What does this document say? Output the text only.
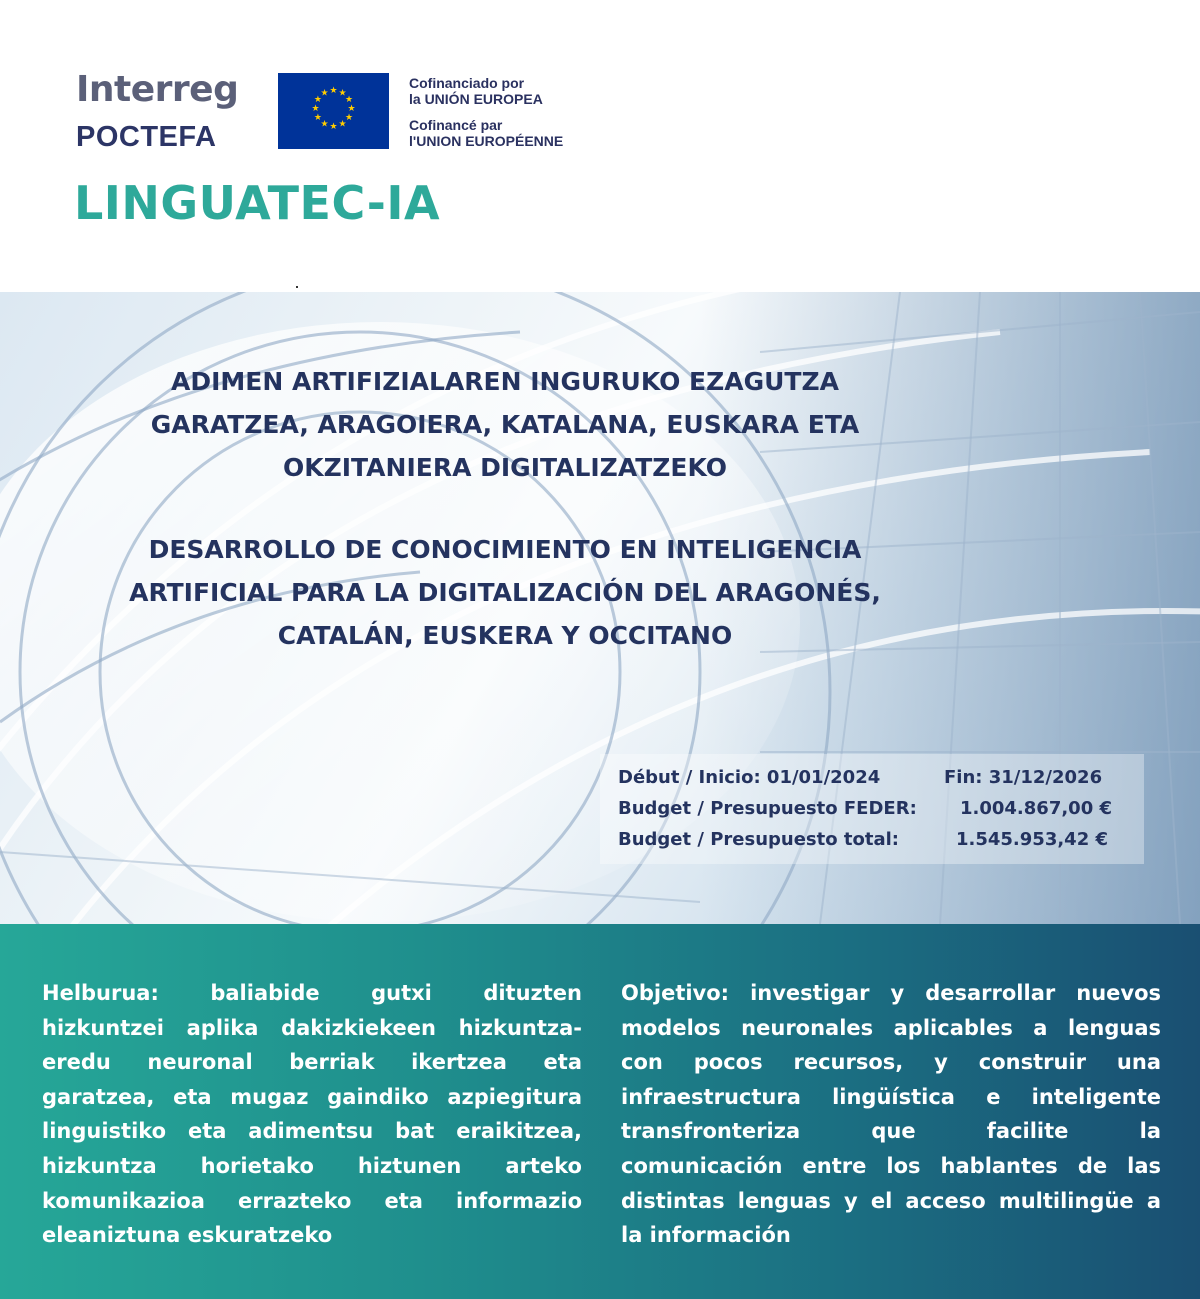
Interreg
POCTEFA
★ ★
★
★
★
★
★
★
★
★
★
★
Cofinanciado por
la UNIÓN EUROPEA
Cofinancé par
l'UNION EUROPÉENNE
LINGUATEC-IA
ADIMEN ARTIFIZIALAREN INGURUKO EZAGUTZA
GARATZEA, ARAGOIERA, KATALANA, EUSKARA ETA
OKZITANIERA DIGITALIZATZEKO
DESARROLLO DE CONOCIMIENTO EN INTELIGENCIA
ARTIFICIAL PARA LA DIGITALIZACIÓN DEL ARAGONÉS,
CATALÁN, EUSKERA Y OCCITANO
Début / Inicio: 01/01/2024	Fin: 31/12/2026
Budget / Presupuesto FEDER: 1.004.867,00 €
Budget / Presupuesto total:	1.545.953,42 €
Helburua: baliabide gutxi dituzten
hizkuntzei aplika dakizkiekeen hizkuntza-
eredu neuronal berriak ikertzea eta
garatzea, eta mugaz gaindiko azpiegitura
linguistiko eta adimentsu bat eraikitzea,
hizkuntza horietako hiztunen arteko
komunikazioa errazteko eta informazio
eleaniztuna eskuratzeko
Objetivo: investigar y desarrollar nuevos
modelos neuronales aplicables a lenguas
con pocos recursos, y construir una
infraestructura lingüística e inteligente
transfronteriza que facilite la
comunicación entre los hablantes de las
distintas lenguas y el acceso multilingüe a
la información
